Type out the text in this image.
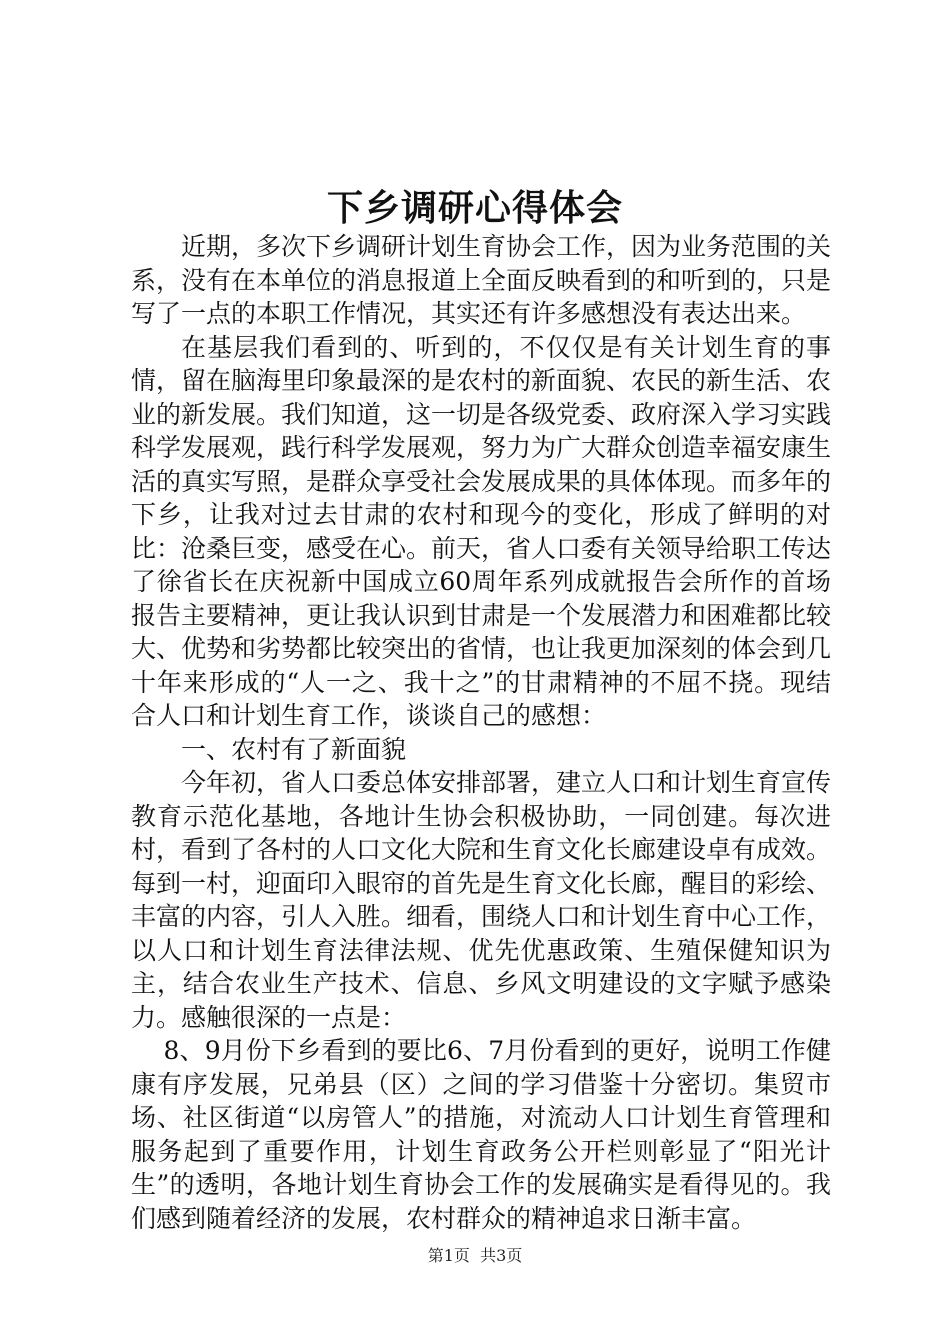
下乡调研心得体会

近期，多次下乡调研计划生育协会工作，因为业务范围的关系，没有在本单位的消息报道上全面反映看到的和听到的，只是写了一点的本职工作情况，其实还有许多感想没有表达出来。

在基层我们看到的、听到的，不仅仅是有关计划生育的事情，留在脑海里印象最深的是农村的新面貌、农民的新生活、农业的新发展。我们知道，这一切是各级党委、政府深入学习实践科学发展观，践行科学发展观，努力为广大群众创造幸福安康生活的真实写照，是群众享受社会发展成果的具体体现。而多年的下乡，让我对过去甘肃的农村和现今的变化，形成了鲜明的对比：沧桑巨变，感受在心。前天，省人口委有关领导给职工传达了徐省长在庆祝新中国成立60周年系列成就报告会所作的首场报告主要精神，更让我认识到甘肃是一个发展潜力和困难都比较大、优势和劣势都比较突出的省情，也让我更加深刻的体会到几十年来形成的“人一之、我十之”的甘肃精神的不屈不挠。现结合人口和计划生育工作，谈谈自己的感想：

一、农村有了新面貌

今年初，省人口委总体安排部署，建立人口和计划生育宣传教育示范化基地，各地计生协会积极协助，一同创建。每次进村，看到了各村的人口文化大院和生育文化长廊建设卓有成效。每到一村，迎面印入眼帘的首先是生育文化长廊，醒目的彩绘、丰富的内容，引人入胜。细看，围绕人口和计划生育中心工作，以人口和计划生育法律法规、优先优惠政策、生殖保健知识为主，结合农业生产技术、信息、乡风文明建设的文字赋予感染力。感触很深的一点是：

8、9月份下乡看到的要比6、7月份看到的更好，说明工作健康有序发展，兄弟县（区）之间的学习借鉴十分密切。集贸市场、社区街道“以房管人”的措施，对流动人口计划生育管理和服务起到了重要作用，计划生育政务公开栏则彰显了“阳光计生”的透明，各地计划生育协会工作的发展确实是看得见的。我们感到随着经济的发展，农村群众的精神追求日渐丰富。

第1页 共3页
